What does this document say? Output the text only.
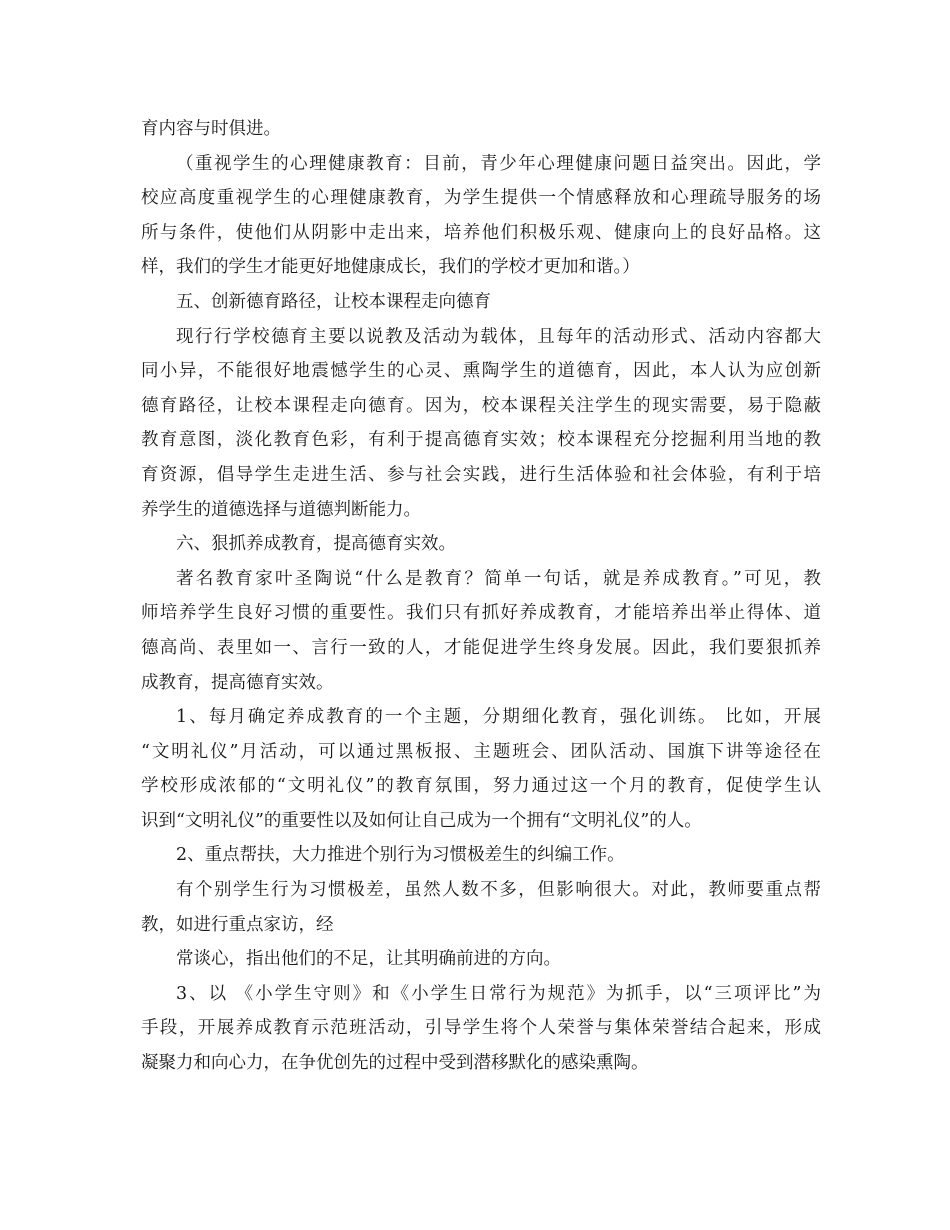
育内容与时俱进。
（重视学生的心理健康教育：目前，青少年心理健康问题日益突出。因此，学
校应高度重视学生的心理健康教育，为学生提供一个情感释放和心理疏导服务的场
所与条件，使他们从阴影中走出来，培养他们积极乐观、健康向上的良好品格。这
样，我们的学生才能更好地健康成长，我们的学校才更加和谐。）
五、创新德育路径，让校本课程走向德育
现行行学校德育主要以说教及活动为载体，且每年的活动形式、活动内容都大
同小异，不能很好地震憾学生的心灵、熏陶学生的道德育，因此，本人认为应创新
德育路径，让校本课程走向德育。因为，校本课程关注学生的现实需要，易于隐蔽
教育意图，淡化教育色彩，有利于提高德育实效；校本课程充分挖掘利用当地的教
育资源，倡导学生走进生活、参与社会实践，进行生活体验和社会体验，有利于培
养学生的道德选择与道德判断能力。
六、狠抓养成教育，提高德育实效。
著名教育家叶圣陶说“什么是教育？简单一句话，就是养成教育。”可见，教
师培养学生良好习惯的重要性。我们只有抓好养成教育，才能培养出举止得体、道
德高尚、表里如一、言行一致的人，才能促进学生终身发展。因此，我们要狠抓养
成教育，提高德育实效。
1、每月确定养成教育的一个主题，分期细化教育，强化训练。 比如，开展
“文明礼仪”月活动，可以通过黑板报、主题班会、团队活动、国旗下讲等途径在
学校形成浓郁的“文明礼仪”的教育氛围，努力通过这一个月的教育，促使学生认
识到“文明礼仪”的重要性以及如何让自己成为一个拥有“文明礼仪”的人。
2、重点帮扶，大力推进个别行为习惯极差生的纠编工作。
有个别学生行为习惯极差，虽然人数不多，但影响很大。对此，教师要重点帮
教，如进行重点家访，经
常谈心，指出他们的不足，让其明确前进的方向。
3、以 《小学生守则》和《小学生日常行为规范》为抓手，以“三项评比”为
手段，开展养成教育示范班活动，引导学生将个人荣誉与集体荣誉结合起来，形成
凝聚力和向心力，在争优创先的过程中受到潜移默化的感染熏陶。
